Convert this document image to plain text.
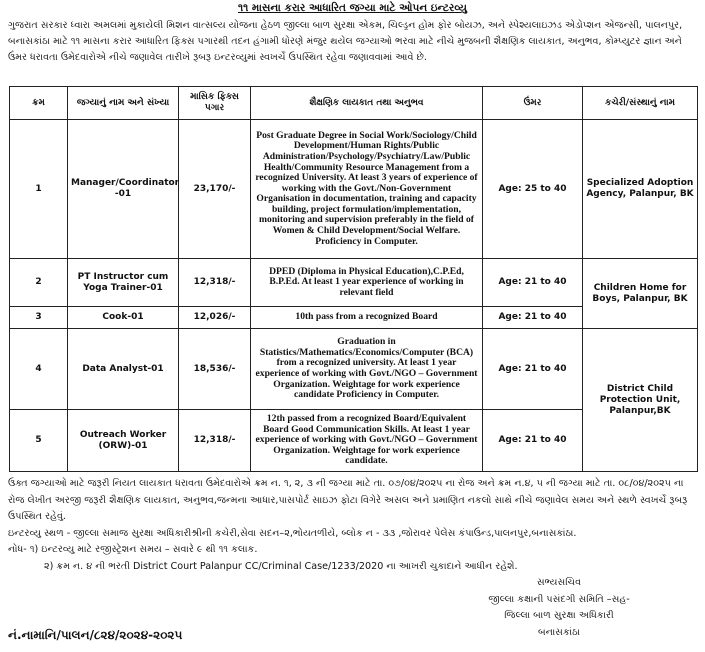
૧૧ માસના કરાર આધારિત જગ્યા માટે ઓપન ઇન્ટરવ્યુ
ગુજરાત સરકાર ધ્વારા અમલમાં મુકાયેલી મિશન વાત્સલ્ય યોજના હેઠળ જીલ્લા બાળ સુરક્ષા એકમ, ચિલ્ડ્રન હોમ ફોર બોયઝ, અને સ્પેશ્યલાઇઝડ એડોપ્શન એજન્સી, પાલનપુર, બનાસકાંઠા માટે ૧૧ માસના કરાર આધારિત ફિક્સ પગારથી તદન હંગામી ધોરણે મંજુર થયેલ જગ્યાઓ ભરવા માટે નીચે મુજબની શૈક્ષણિક લાયકાત, અનુભવ, કોમ્પ્યુટર જ્ઞાન અને ઉંમર ધરાવતા ઉમેદવારોએ નીચે જણાવેલ તારીખે રૂબરૂ ઇન્ટરવ્યુમાં સ્વખર્ચે ઉપસ્થિત રહેવા જણાવવામાં આવે છે.
ક્રમ	જગ્યાનું નામ અને સંખ્યા	માસિક ફિક્સ પગાર	શૈક્ષણિક લાયકાત તથા અનુભવ	ઉંમર	કચેરી/સંસ્થાનું નામ
1	Manager/Coordinator -01	23,170/-	Post Graduate Degree in Social Work/Sociology/Child Development/Human Rights/Public Administration/Psychology/Psychiatry/Law/Public Health/Community Resource Management from a recognized University. At least 3 years of experience of working with the Govt./Non-Government Organisation in documentation, training and capacity building, project formulation/implementation, monitoring and supervision preferably in the field of Women & Child Development/Social Welfare. Proficiency in Computer.	Age: 25 to 40	Specialized Adoption Agency, Palanpur, BK
2	PT Instructor cum Yoga Trainer-01	12,318/-	DPED (Diploma in Physical Education),C.P.Ed, B.P.Ed. At least 1 year experience of working in relevant field	Age: 21 to 40	Children Home for Boys, Palanpur, BK
3	Cook-01	12,026/-	10th pass from a recognized Board	Age: 21 to 40	
4	Data Analyst-01	18,536/-	Graduation in Statistics/Mathematics/Economics/Computer (BCA) from a recognized university. At least 1 year experience of working with Govt./NGO – Government Organization. Weightage for work experience candidate Proficiency in Computer.	Age: 21 to 40	District Child Protection Unit, Palanpur,BK
5	Outreach Worker (ORW)-01	12,318/-	12th passed from a recognized Board/Equivalent Board Good Communication Skills. At least 1 year experience of working with Govt./NGO – Government Organization. Weightage for work experience candidate.	Age: 21 to 40	

ઉક્ત જગ્યાઓ માટે જરૂરી નિયત લાયકાત ધરાવતા ઉમેદવારોએ ક્રમ ન. ૧, ૨, ૩ ની જગ્યા માટે તા. ૦૭/૦૪/૨૦૨૫ ના રોજ અને ક્રમ ન.૪, ૫ ની જગ્યા માટે તા. ૦૮/૦૪/૨૦૨૫ ના રોજ લેખીત અરજી જરૂરી શૈક્ષણિક લાયકાત, અનુભવ,જન્મના આધાર,પાસપોર્ટ સાઇઝ ફોટા વિગેરે અસલ અને પ્રમાણિત નકલો સાથે નીચે જણાવેલ સમય અને સ્થળે સ્વખર્ચે રૂબરૂ ઉપસ્થિત રહેવું.

ઇન્ટરવ્યુ સ્થળ - જીલ્લા સમાજ સુરક્ષા અધિકારીશ્રીની કચેરી,સેવા સદન–૨,ભોયતળીયે, બ્લોક ન - ૩૩ ,જોરાવર પેલેસ કંપાઉન્ડ,પાલનપુર,બનાસકાંઠા.

નોધ- ૧) ઇન્ટરવ્યુ માટે રજીસ્ટ્રેશન સમય – સવારે ૯ થી ૧૧ કલાક.

૨) ક્રમ ન. ૪ ની ભરતી District Court Palanpur CC/Criminal Case/1233/2020 ના આખરી ચુકાદાને આધીન રહેશે.

સભ્યસચિવ
જીલ્લા કક્ષાની પસંદગી સમિતિ –સહ-
જિલ્લા બાળ સુરક્ષા અધિકારી
બનાસકાંઠા
નં.નામાનિ/પાલન/૮૨૪/૨૦૨૪-૨૦૨૫
